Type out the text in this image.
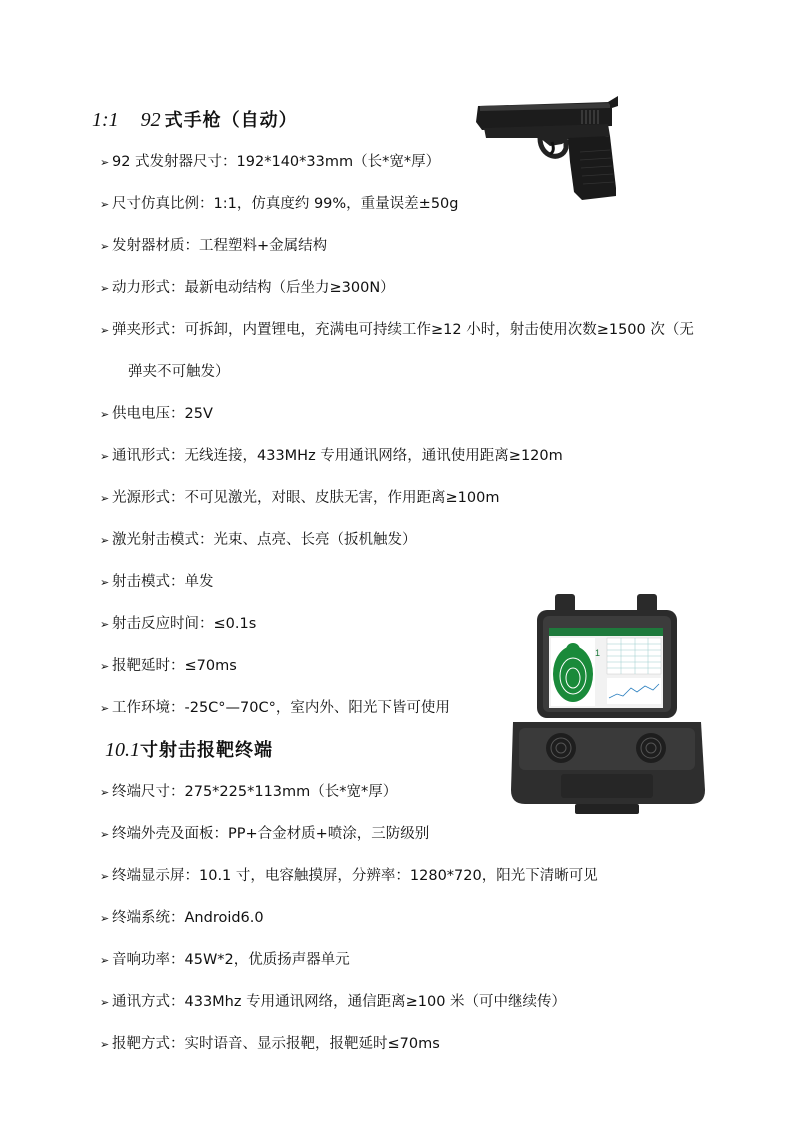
1:1 92 式手枪（自动）
➢ 92 式发射器尺寸：192*140*33mm（长*宽*厚）
➢ 尺寸仿真比例：1:1，仿真度约 99%，重量误差±50g
➢ 发射器材质：工程塑料+金属结构
➢ 动力形式：最新电动结构（后坐力≥300N）
➢ 弹夹形式：可拆卸，内置锂电，充满电可持续工作≥12 小时，射击使用次数≥1500 次（无
弹夹不可触发）
➢ 供电电压：25V
➢ 通讯形式：无线连接，433MHz 专用通讯网络，通讯使用距离≥120m
➢ 光源形式：不可见激光，对眼、皮肤无害，作用距离≥100m
➢ 激光射击模式：光束、点亮、长亮（扳机触发）
➢ 射击模式：单发
➢ 射击反应时间：≤0.1s
➢ 报靶延时：≤70ms
➢ 工作环境：-25C°—70C°，室内外、阳光下皆可使用
1
10.1 寸射击报靶终端
➢ 终端尺寸：275*225*113mm（长*宽*厚）
➢ 终端外壳及面板：PP+合金材质+喷涂，三防级别
➢ 终端显示屏：10.1 寸，电容触摸屏，分辨率：1280*720，阳光下清晰可见
➢ 终端系统：Android6.0
➢ 音响功率：45W*2，优质扬声器单元
➢ 通讯方式：433Mhz 专用通讯网络，通信距离≥100 米（可中继续传）
➢ 报靶方式：实时语音、显示报靶，报靶延时≤70ms
